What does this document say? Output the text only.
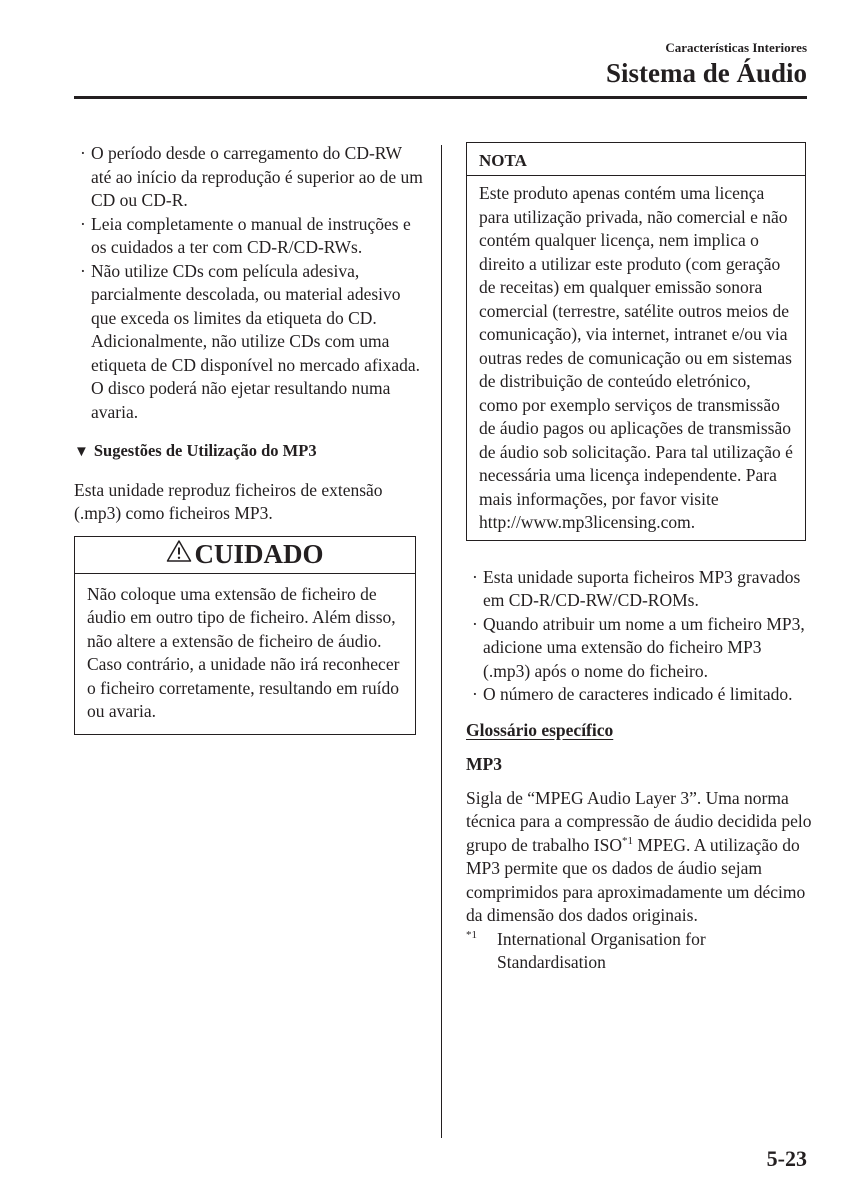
Características Interiores
Sistema de Áudio
· O período desde o carregamento do CD-RW até ao início da reprodução é superior ao de um CD ou CD-R.
· Leia completamente o manual de instruções e os cuidados a ter com CD-R/CD-RWs.
· Não utilize CDs com película adesiva, parcialmente descolada, ou material adesivo que exceda os limites da etiqueta do CD. Adicionalmente, não utilize CDs com uma etiqueta de CD disponível no mercado afixada. O disco poderá não ejetar resultando numa avaria.
▼ Sugestões de Utilização do MP3
Esta unidade reproduz ficheiros de extensão (.mp3) como ficheiros MP3.
CUIDADO
Não coloque uma extensão de ficheiro de áudio em outro tipo de ficheiro. Além disso, não altere a extensão de ficheiro de áudio. Caso contrário, a unidade não irá reconhecer o ficheiro corretamente, resultando em ruído ou avaria.
NOTA
Este produto apenas contém uma licença para utilização privada, não comercial e não contém qualquer licença, nem implica o direito a utilizar este produto (com geração de receitas) em qualquer emissão sonora comercial (terrestre, satélite outros meios de comunicação), via internet, intranet e/ou via outras redes de comunicação ou em sistemas de distribuição de conteúdo eletrónico, como por exemplo serviços de transmissão de áudio pagos ou aplicações de transmissão de áudio sob solicitação. Para tal utilização é necessária uma licença independente. Para mais informações, por favor visite http://www.mp3licensing.com.
· Esta unidade suporta ficheiros MP3 gravados em CD-R/CD-RW/CD-ROMs.
· Quando atribuir um nome a um ficheiro MP3, adicione uma extensão do ficheiro MP3 (.mp3) após o nome do ficheiro.
· O número de caracteres indicado é limitado.
Glossário específico
MP3
Sigla de “MPEG Audio Layer 3”. Uma norma técnica para a compressão de áudio decidida pelo grupo de trabalho ISO$^{*1}$ MPEG. A utilização do MP3 permite que os dados de áudio sejam comprimidos para aproximadamente um décimo da dimensão dos dados originais.
$^{*1}$ International Organisation for Standardisation
5-23
